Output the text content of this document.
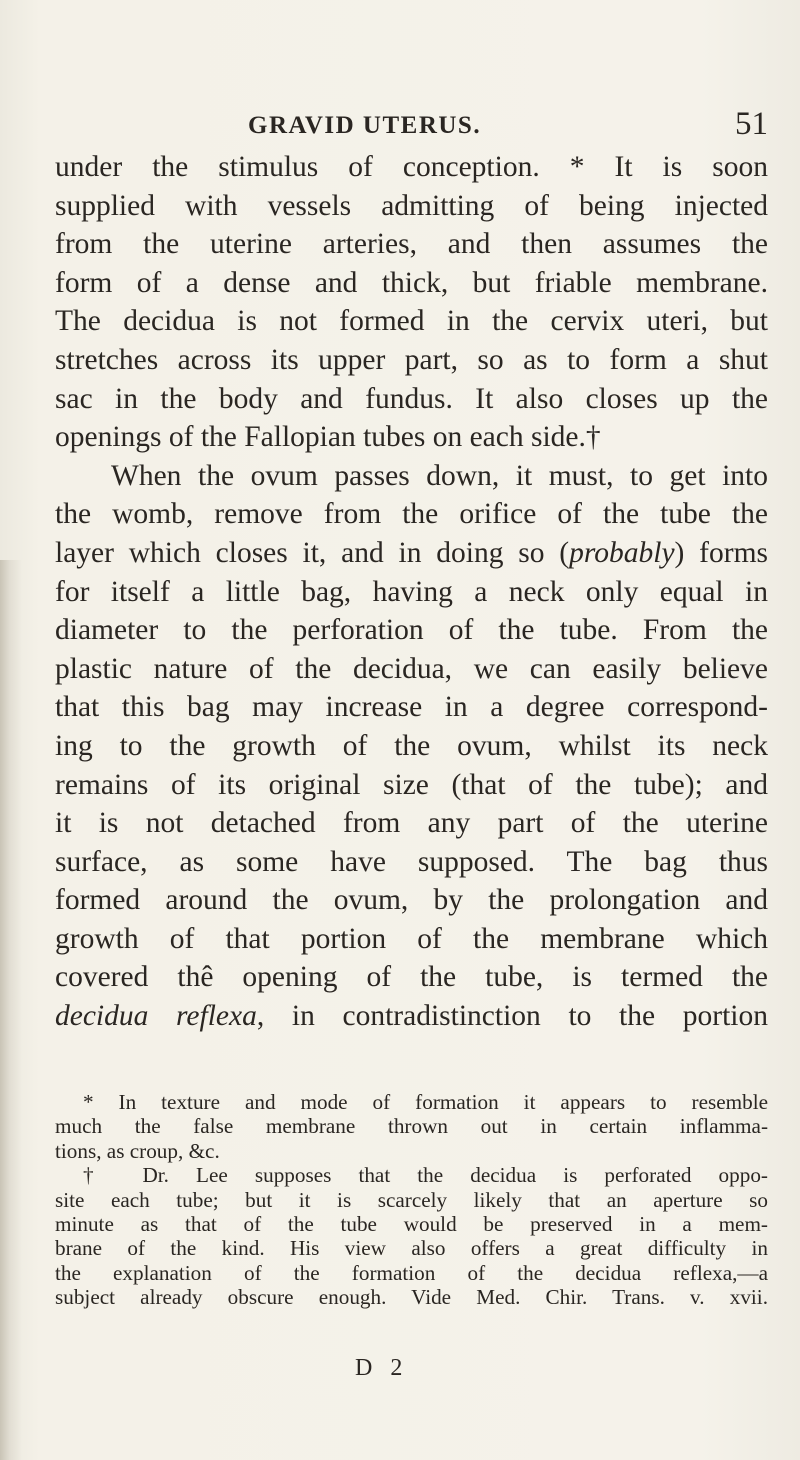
GRAVID UTERUS.	51
under the stimulus of conception. * It is soon
supplied with vessels admitting of being injected
from the uterine arteries, and then assumes the
form of a dense and thick, but friable membrane.
The decidua is not formed in the cervix uteri, but
stretches across its upper part, so as to form a shut
sac in the body and fundus. It also closes up the
openings of the Fallopian tubes on each side.†
When the ovum passes down, it must, to get into
the womb, remove from the orifice of the tube the
layer which closes it, and in doing so (probably) forms
for itself a little bag, having a neck only equal in
diameter to the perforation of the tube. From the
plastic nature of the decidua, we can easily believe
that this bag may increase in a degree correspond-
ing to the growth of the ovum, whilst its neck
remains of its original size (that of the tube); and
it is not detached from any part of the uterine
surface, as some have supposed. The bag thus
formed around the ovum, by the prolongation and
growth of that portion of the membrane which
covered thê opening of the tube, is termed the
decidua reflexa, in contradistinction to the portion
* In texture and mode of formation it appears to resemble
much the false membrane thrown out in certain inflamma-
tions, as croup, &c.
† Dr. Lee supposes that the decidua is perforated oppo-
site each tube; but it is scarcely likely that an aperture so
minute as that of the tube would be preserved in a mem-
brane of the kind. His view also offers a great difficulty in
the explanation of the formation of the decidua reflexa,—a
subject already obscure enough. Vide Med. Chir. Trans. v. xvii.
D 2
